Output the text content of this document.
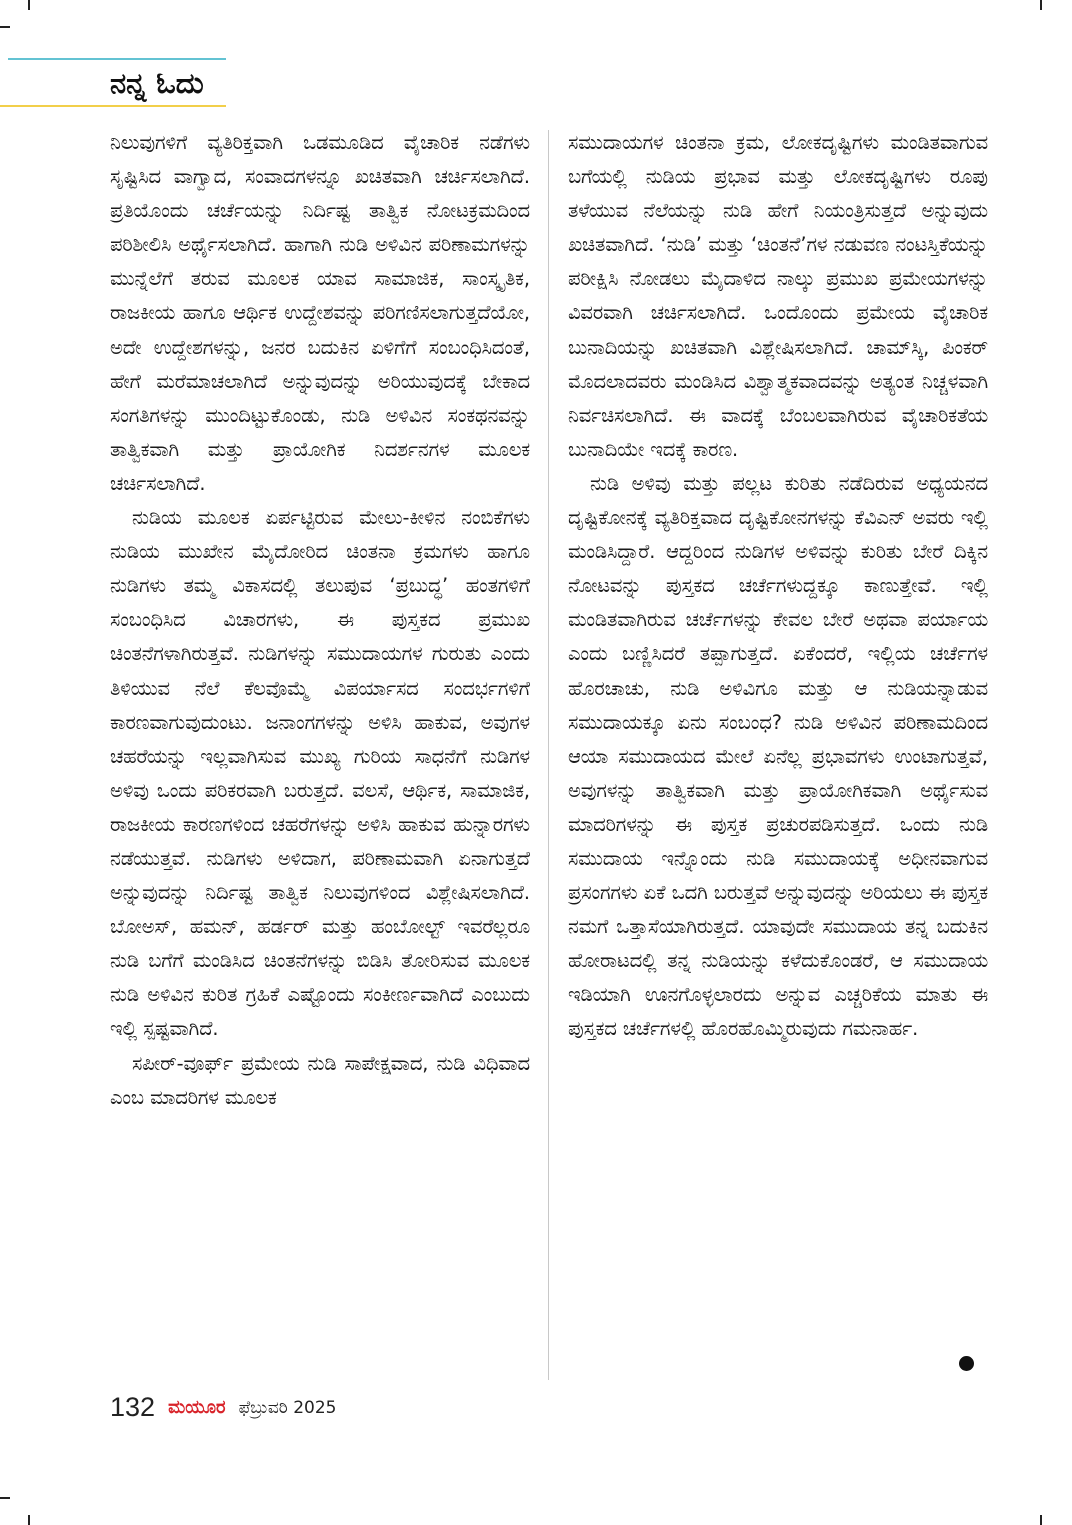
ನನ್ನ ಓದು

ನಿಲುವುಗಳಿಗೆ ವ್ಯತಿರಿಕ್ತವಾಗಿ ಒಡಮೂಡಿದ ವೈಚಾರಿಕ ನಡೆಗಳು ಸೃಷ್ಟಿಸಿದ ವಾಗ್ವಾದ, ಸಂವಾದಗಳನ್ನೂ ಖಚಿತವಾಗಿ ಚರ್ಚಿಸಲಾಗಿದೆ. ಪ್ರತಿಯೊಂದು ಚರ್ಚೆಯನ್ನು ನಿರ್ದಿಷ್ಟ ತಾತ್ವಿಕ ನೋಟಕ್ರಮದಿಂದ ಪರಿಶೀಲಿಸಿ ಅರ್ಥೈಸಲಾಗಿದೆ. ಹಾಗಾಗಿ ನುಡಿ ಅಳಿವಿನ ಪರಿಣಾಮಗಳನ್ನು ಮುನ್ನೆಲೆಗೆ ತರುವ ಮೂಲಕ ಯಾವ ಸಾಮಾಜಿಕ, ಸಾಂಸ್ಕೃತಿಕ, ರಾಜಕೀಯ ಹಾಗೂ ಆರ್ಥಿಕ ಉದ್ದೇಶವನ್ನು ಪರಿಗಣಿಸಲಾಗುತ್ತದೆಯೋ, ಅದೇ ಉದ್ದೇಶಗಳನ್ನು, ಜನರ ಬದುಕಿನ ಏಳಿಗೆಗೆ ಸಂಬಂಧಿಸಿದಂತೆ, ಹೇಗೆ ಮರೆಮಾಚಲಾಗಿದೆ ಅನ್ನುವುದನ್ನು ಅರಿಯುವುದಕ್ಕೆ ಬೇಕಾದ ಸಂಗತಿಗಳನ್ನು ಮುಂದಿಟ್ಟುಕೊಂಡು, ನುಡಿ ಅಳಿವಿನ ಸಂಕಥನವನ್ನು ತಾತ್ವಿಕವಾಗಿ ಮತ್ತು ಪ್ರಾಯೋಗಿಕ ನಿದರ್ಶನಗಳ ಮೂಲಕ ಚರ್ಚಿಸಲಾಗಿದೆ.

ನುಡಿಯ ಮೂಲಕ ಏರ್ಪಟ್ಟಿರುವ ಮೇಲು-ಕೀಳಿನ ನಂಬಿಕೆಗಳು ನುಡಿಯ ಮುಖೇನ ಮೈದೋರಿದ ಚಿಂತನಾ ಕ್ರಮಗಳು ಹಾಗೂ ನುಡಿಗಳು ತಮ್ಮ ವಿಕಾಸದಲ್ಲಿ ತಲುಪುವ ‘ಪ್ರಬುದ್ಧ’ ಹಂತಗಳಿಗೆ ಸಂಬಂಧಿಸಿದ ವಿಚಾರಗಳು, ಈ ಪುಸ್ತಕದ ಪ್ರಮುಖ ಚಿಂತನೆಗಳಾಗಿರುತ್ತವೆ. ನುಡಿಗಳನ್ನು ಸಮುದಾಯಗಳ ಗುರುತು ಎಂದು ತಿಳಿಯುವ ನೆಲೆ ಕೆಲವೊಮ್ಮೆ ವಿಪರ್ಯಾಸದ ಸಂದರ್ಭಗಳಿಗೆ ಕಾರಣವಾಗುವುದುಂಟು. ಜನಾಂಗಗಳನ್ನು ಅಳಿಸಿ ಹಾಕುವ, ಅವುಗಳ ಚಹರೆಯನ್ನು ಇಲ್ಲವಾಗಿಸುವ ಮುಖ್ಯ ಗುರಿಯ ಸಾಧನೆಗೆ ನುಡಿಗಳ ಅಳಿವು ಒಂದು ಪರಿಕರವಾಗಿ ಬರುತ್ತದೆ. ವಲಸೆ, ಆರ್ಥಿಕ, ಸಾಮಾಜಿಕ, ರಾಜಕೀಯ ಕಾರಣಗಳಿಂದ ಚಹರೆಗಳನ್ನು ಅಳಿಸಿ ಹಾಕುವ ಹುನ್ನಾರಗಳು ನಡೆಯುತ್ತವೆ. ನುಡಿಗಳು ಅಳಿದಾಗ, ಪರಿಣಾಮವಾಗಿ ಏನಾಗುತ್ತದೆ ಅನ್ನುವುದನ್ನು ನಿರ್ದಿಷ್ಟ ತಾತ್ವಿಕ ನಿಲುವುಗಳಿಂದ ವಿಶ್ಲೇಷಿಸಲಾಗಿದೆ. ಬೋಅಸ್, ಹಮನ್, ಹರ್ಡರ್ ಮತ್ತು ಹಂಬೋಲ್ಟ್ ಇವರೆಲ್ಲರೂ ನುಡಿ ಬಗೆಗೆ ಮಂಡಿಸಿದ ಚಿಂತನೆಗಳನ್ನು ಬಿಡಿಸಿ ತೋರಿಸುವ ಮೂಲಕ ನುಡಿ ಅಳಿವಿನ ಕುರಿತ ಗ್ರಹಿಕೆ ಎಷ್ಟೊಂದು ಸಂಕೀರ್ಣವಾಗಿದೆ ಎಂಬುದು ಇಲ್ಲಿ ಸ್ಪಷ್ಟವಾಗಿದೆ.

ಸಪೀರ್-ವೂರ್ಫ್ ಪ್ರಮೇಯ ನುಡಿ ಸಾಪೇಕ್ಷವಾದ, ನುಡಿ ವಿಧಿವಾದ ಎಂಬ ಮಾದರಿಗಳ ಮೂಲಕ

ಸಮುದಾಯಗಳ ಚಿಂತನಾ ಕ್ರಮ, ಲೋಕದೃಷ್ಟಿಗಳು ಮಂಡಿತವಾಗುವ ಬಗೆಯಲ್ಲಿ ನುಡಿಯ ಪ್ರಭಾವ ಮತ್ತು ಲೋಕದೃಷ್ಟಿಗಳು ರೂಪು ತಳೆಯುವ ನೆಲೆಯನ್ನು ನುಡಿ ಹೇಗೆ ನಿಯಂತ್ರಿಸುತ್ತದೆ ಅನ್ನುವುದು ಖಚಿತವಾಗಿದೆ. ‘ನುಡಿ’ ಮತ್ತು ‘ಚಿಂತನೆ’ಗಳ ನಡುವಣ ನಂಟಸ್ತಿಕೆಯನ್ನು ಪರೀಕ್ಷಿಸಿ ನೋಡಲು ಮೈದಾಳಿದ ನಾಲ್ಕು ಪ್ರಮುಖ ಪ್ರಮೇಯಗಳನ್ನು ವಿವರವಾಗಿ ಚರ್ಚಿಸಲಾಗಿದೆ. ಒಂದೊಂದು ಪ್ರಮೇಯ ವೈಚಾರಿಕ ಬುನಾದಿಯನ್ನು ಖಚಿತವಾಗಿ ವಿಶ್ಲೇಷಿಸಲಾಗಿದೆ. ಚಾಮ್‌ಸ್ಕಿ, ಪಿಂಕರ್ ಮೊದಲಾದವರು ಮಂಡಿಸಿದ ವಿಶ್ವಾತ್ಮಕವಾದವನ್ನು ಅತ್ಯಂತ ನಿಚ್ಚಳವಾಗಿ ನಿರ್ವಚಿಸಲಾಗಿದೆ. ಈ ವಾದಕ್ಕೆ ಬೆಂಬಲವಾಗಿರುವ ವೈಚಾರಿಕತೆಯ ಬುನಾದಿಯೇ ಇದಕ್ಕೆ ಕಾರಣ.

ನುಡಿ ಅಳಿವು ಮತ್ತು ಪಲ್ಲಟ ಕುರಿತು ನಡೆದಿರುವ ಅಧ್ಯಯನದ ದೃಷ್ಟಿಕೋನಕ್ಕೆ ವ್ಯತಿರಿಕ್ತವಾದ ದೃಷ್ಟಿಕೋನಗಳನ್ನು ಕೆವಿಎನ್ ಅವರು ಇಲ್ಲಿ ಮಂಡಿಸಿದ್ದಾರೆ. ಆದ್ದರಿಂದ ನುಡಿಗಳ ಅಳಿವನ್ನು ಕುರಿತು ಬೇರೆ ದಿಕ್ಕಿನ ನೋಟವನ್ನು ಪುಸ್ತಕದ ಚರ್ಚೆಗಳುದ್ದಕ್ಕೂ ಕಾಣುತ್ತೇವೆ. ಇಲ್ಲಿ ಮಂಡಿತವಾಗಿರುವ ಚರ್ಚೆಗಳನ್ನು ಕೇವಲ ಬೇರೆ ಅಥವಾ ಪರ್ಯಾಯ ಎಂದು ಬಣ್ಣಿಸಿದರೆ ತಪ್ಪಾಗುತ್ತದೆ. ಏಕೆಂದರೆ, ಇಲ್ಲಿಯ ಚರ್ಚೆಗಳ ಹೊರಚಾಚು, ನುಡಿ ಅಳಿವಿಗೂ ಮತ್ತು ಆ ನುಡಿಯನ್ನಾಡುವ ಸಮುದಾಯಕ್ಕೂ ಏನು ಸಂಬಂಧ? ನುಡಿ ಅಳಿವಿನ ಪರಿಣಾಮದಿಂದ ಆಯಾ ಸಮುದಾಯದ ಮೇಲೆ ಏನೆಲ್ಲ ಪ್ರಭಾವಗಳು ಉಂಟಾಗುತ್ತವೆ, ಅವುಗಳನ್ನು ತಾತ್ವಿಕವಾಗಿ ಮತ್ತು ಪ್ರಾಯೋಗಿಕವಾಗಿ ಅರ್ಥೈಸುವ ಮಾದರಿಗಳನ್ನು ಈ ಪುಸ್ತಕ ಪ್ರಚುರಪಡಿಸುತ್ತದೆ. ಒಂದು ನುಡಿ ಸಮುದಾಯ ಇನ್ನೊಂದು ನುಡಿ ಸಮುದಾಯಕ್ಕೆ ಅಧೀನವಾಗುವ ಪ್ರಸಂಗಗಳು ಏಕೆ ಒದಗಿ ಬರುತ್ತವೆ ಅನ್ನುವುದನ್ನು ಅರಿಯಲು ಈ ಪುಸ್ತಕ ನಮಗೆ ಒತ್ತಾಸೆಯಾಗಿರುತ್ತದೆ. ಯಾವುದೇ ಸಮುದಾಯ ತನ್ನ ಬದುಕಿನ ಹೋರಾಟದಲ್ಲಿ ತನ್ನ ನುಡಿಯನ್ನು ಕಳೆದುಕೊಂಡರೆ, ಆ ಸಮುದಾಯ ಇಡಿಯಾಗಿ ಊನಗೊಳ್ಳಲಾರದು ಅನ್ನುವ ಎಚ್ಚರಿಕೆಯ ಮಾತು ಈ ಪುಸ್ತಕದ ಚರ್ಚೆಗಳಲ್ಲಿ ಹೊರಹೊಮ್ಮಿರುವುದು ಗಮನಾರ್ಹ.

132 ಮಯೂರ ಫೆಬ್ರುವರಿ 2025
